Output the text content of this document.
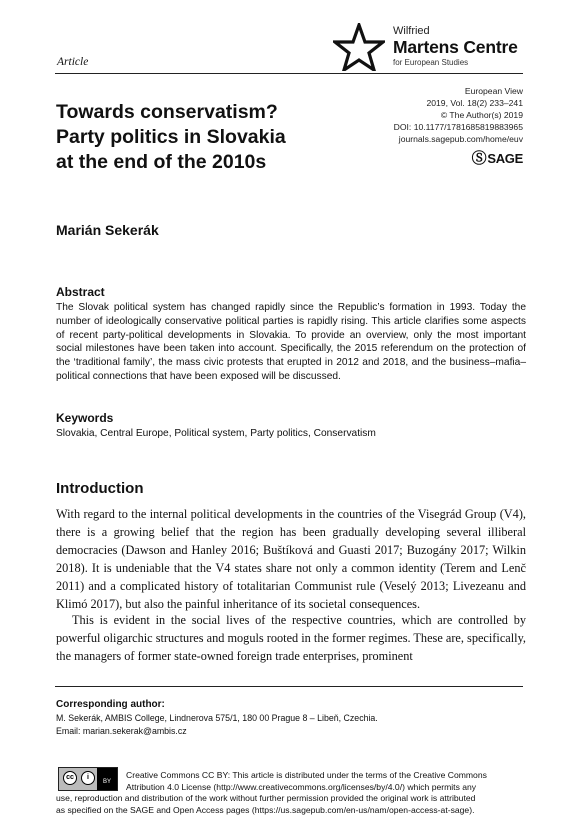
Article
Wilfried
Martens Centre
for European Studies
European View
2019, Vol. 18(2) 233–241
© The Author(s) 2019
DOI: 10.1177/1781685819883965
journals.sagepub.com/home/euv
ⓈSAGE
Towards conservatism?
Party politics in Slovakia
at the end of the 2010s
Marián Sekerák
Abstract
The Slovak political system has changed rapidly since the Republic’s formation in 1993. Today the number of ideologically conservative political parties is rapidly rising. This article clarifies some aspects of recent party-political developments in Slovakia. To provide an overview, only the most important social milestones have been taken into account. Specifically, the 2015 referendum on the protection of the ‘traditional family’, the mass civic protests that erupted in 2012 and 2018, and the business–mafia–political connections that have been exposed will be discussed.
Keywords
Slovakia, Central Europe, Political system, Party politics, Conservatism
Introduction
With regard to the internal political developments in the countries of the Visegrád Group (V4), there is a growing belief that the region has been gradually developing several illiberal democracies (Dawson and Hanley 2016; Buštíková and Guasti 2017; Buzogány 2017; Wilkin 2018). It is undeniable that the V4 states share not only a common identity (Terem and Lenč 2011) and a complicated history of totalitarian Communist rule (Veselý 2013; Livezeanu and Klimó 2017), but also the painful inheritance of its societal consequences.
This is evident in the social lives of the respective countries, which are controlled by powerful oligarchic structures and moguls rooted in the former regimes. These are, specifically, the managers of former state-owned foreign trade enterprises, prominent
Corresponding author:
M. Sekerák, AMBIS College, Lindnerova 575/1, 180 00 Prague 8 – Libeň, Czechia.
Email: marian.sekerak@ambis.cz
Creative Commons CC BY: This article is distributed under the terms of the Creative Commons
Attribution 4.0 License (http://www.creativecommons.org/licenses/by/4.0/) which permits any
use, reproduction and distribution of the work without further permission provided the original work is attributed
as specified on the SAGE and Open Access pages (https://us.sagepub.com/en-us/nam/open-access-at-sage).
cc	i
BY
